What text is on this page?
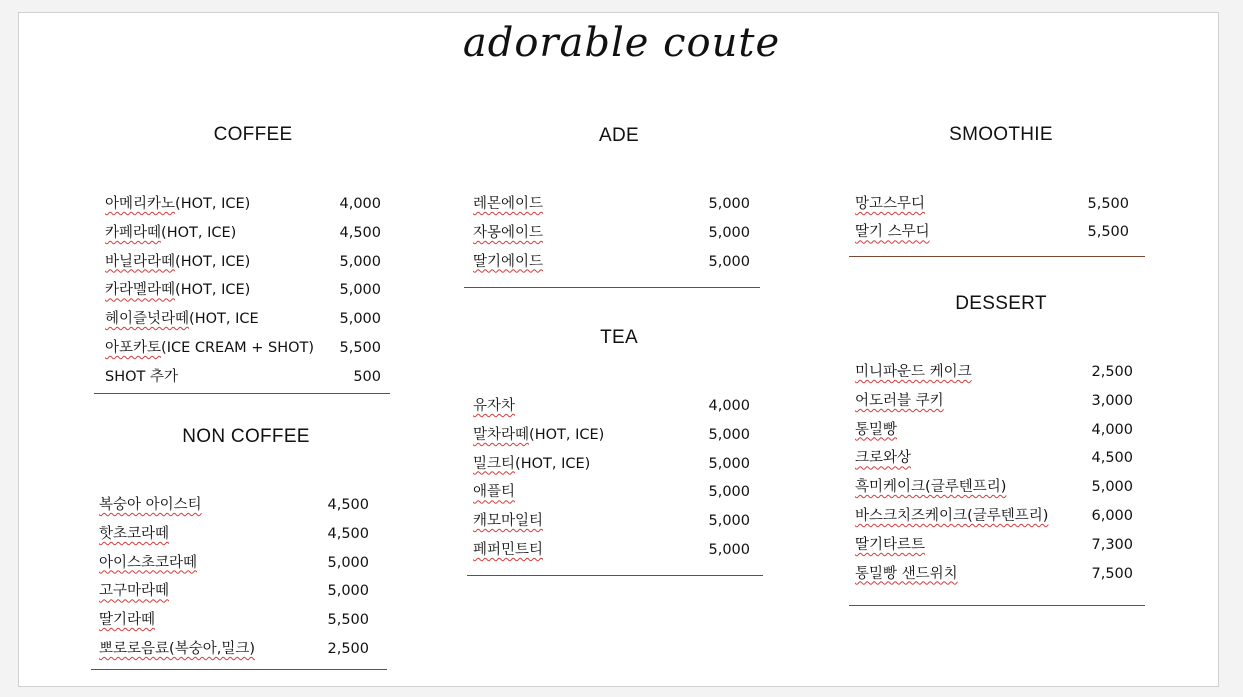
adorable coute
COFFEE
NON COFFEE
ADE
TEA
SMOOTHIE
DESSERT
아메리카노(HOT, ICE)	4,000
카페라떼(HOT, ICE)	4,500
바닐라라떼(HOT, ICE)	5,000
카라멜라떼(HOT, ICE)	5,000
헤이즐넛라떼(HOT, ICE	5,000
아포카토(ICE CREAM + SHOT) 5,500
SHOT 추가	500
복숭아 아이스티	4,500
핫초코라떼	4,500
아이스초코라떼	5,000
고구마라떼	5,000
딸기라떼	5,500
뽀로로음료(복숭아,밀크)	2,500
레몬에이드	5,000
자몽에이드	5,000
딸기에이드	5,000
유자차	4,000
말차라떼(HOT, ICE)	5,000
밀크티(HOT, ICE)	5,000
애플티	5,000
캐모마일티	5,000
페퍼민트티	5,000
망고스무디	5,500
딸기 스무디	5,500
미니파운드 케이크	2,500
어도러블 쿠키	3,000
통밀빵	4,000
크로와상	4,500
흑미케이크(글루텐프리)	5,000
바스크치즈케이크(글루텐프리)	6,000
딸기타르트	7,300
통밀빵 샌드위치	7,500
